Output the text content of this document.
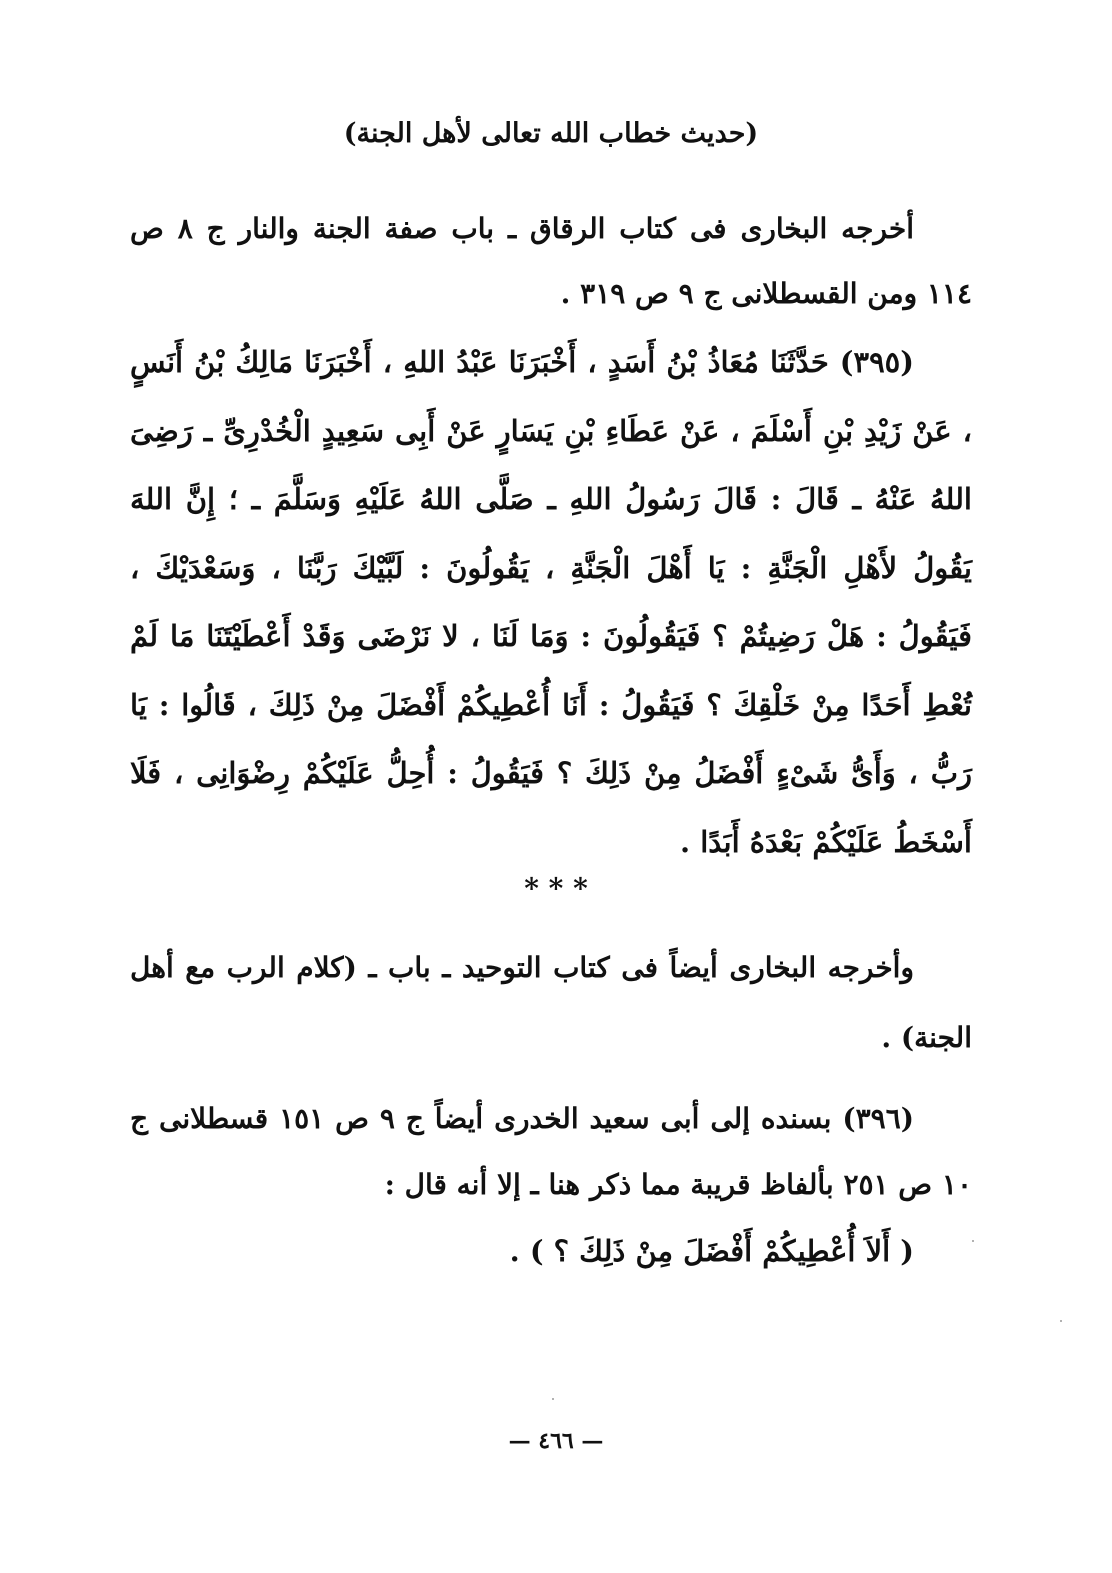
(حديث خطاب الله تعالى لأهل الجنة)

أخرجه البخارى فى كتاب الرقاق ـ باب صفة الجنة والنار ج ٨ ص ١١٤ ومن القسطلانى ج ٩ ص ٣١٩ .

(٣٩٥) حَدَّثَنَا مُعَاذُ بْنُ أَسَدٍ ، أَخْبَرَنَا عَبْدُ اللهِ ، أَخْبَرَنَا مَالِكُ بْنُ أَنَسٍ ، عَنْ زَيْدِ بْنِ أَسْلَمَ ، عَنْ عَطَاءِ بْنِ يَسَارٍ عَنْ أَبِى سَعِيدٍ الْخُدْرِىِّ ـ رَضِىَ اللهُ عَنْهُ ـ قَالَ : قَالَ رَسُولُ اللهِ ـ صَلَّى اللهُ عَلَيْهِ وَسَلَّمَ ـ ؛ إِنَّ اللهَ يَقُولُ لأَهْلِ الْجَنَّةِ : يَا أَهْلَ الْجَنَّةِ ، يَقُولُونَ : لَبَّيْكَ رَبَّنَا ، وَسَعْدَيْكَ ، فَيَقُولُ : هَلْ رَضِيتُمْ ؟ فَيَقُولُونَ : وَمَا لَنَا ، لا نَرْضَى وَقَدْ أَعْطَيْتَنَا مَا لَمْ تُعْطِ أَحَدًا مِنْ خَلْقِكَ ؟ فَيَقُولُ : أَنَا أُعْطِيكُمْ أَفْضَلَ مِنْ ذَلِكَ ، قَالُوا : يَا رَبُّ ، وَأَىُّ شَىْءٍ أَفْضَلُ مِنْ ذَلِكَ ؟ فَيَقُولُ : أُحِلُّ عَلَيْكُمْ رِضْوَانِى ، فَلَا أَسْخَطُ عَلَيْكُمْ بَعْدَهُ أَبَدًا .

* * *

وأخرجه البخارى أيضاً فى كتاب التوحيد ـ باب ـ (كلام الرب مع أهل الجنة) .

(٣٩٦) بسنده إلى أبى سعيد الخدرى أيضاً ج ٩ ص ١٥١ قسطلانى ج ١٠ ص ٢٥١ بألفاظ قريبة مما ذكر هنا ـ إلا أنه قال :

( أَلاَ أُعْطِيكُمْ أَفْضَلَ مِنْ ذَلِكَ ؟ ) .

— ٤٦٦ —
